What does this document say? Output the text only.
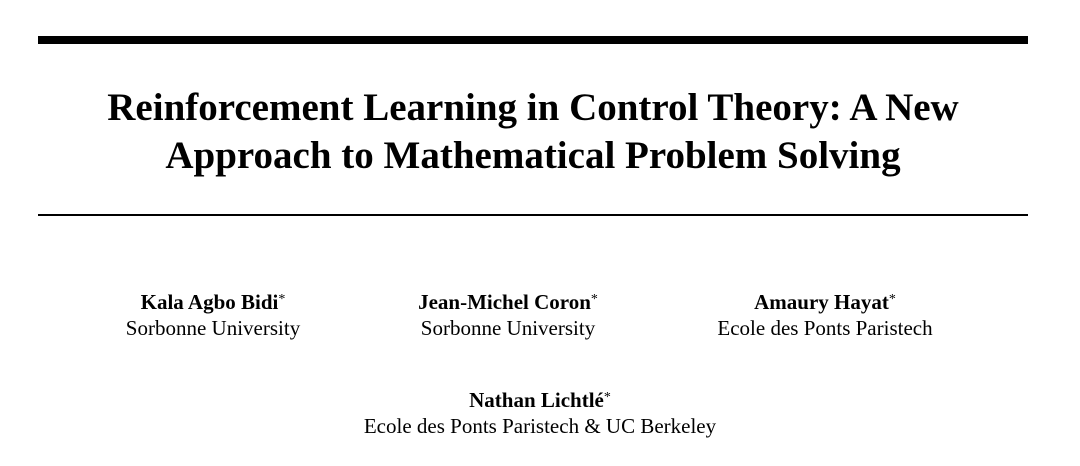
Reinforcement Learning in Control Theory: A New
Approach to Mathematical Problem Solving
Kala Agbo Bidi*
Sorbonne University
Jean-Michel Coron*
Sorbonne University
Amaury Hayat*
Ecole des Ponts Paristech
Nathan Lichtlé*
Ecole des Ponts Paristech & UC Berkeley
